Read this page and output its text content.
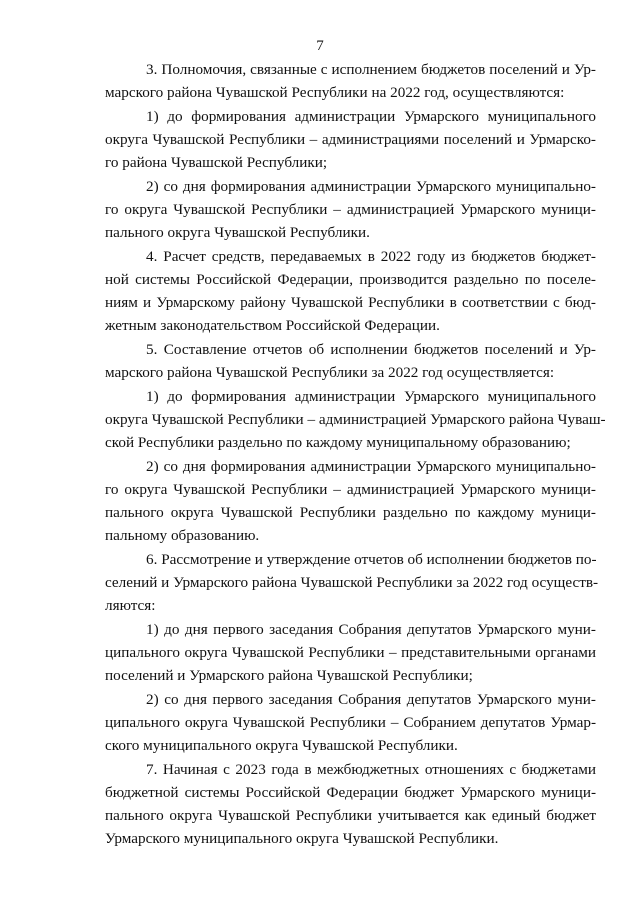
7

3. Полномочия, связанные с исполнением бюджетов поселений и Ур-
марского района Чувашской Республики на 2022 год, осуществляются:

1) до формирования администрации Урмарского муниципального
округа Чувашской Республики – администрациями поселений и Урмарско-
го района Чувашской Республики;

2) со дня формирования администрации Урмарского муниципально-
го округа Чувашской Республики – администрацией Урмарского муници-
пального округа Чувашской Республики.

4. Расчет средств, передаваемых в 2022 году из бюджетов бюджет-
ной системы Российской Федерации, производится раздельно по поселе-
ниям и Урмарскому району Чувашской Республики в соответствии с бюд-
жетным законодательством Российской Федерации.

5. Составление отчетов об исполнении бюджетов поселений и Ур-
марского района Чувашской Республики за 2022 год осуществляется:

1) до формирования администрации Урмарского муниципального
округа Чувашской Республики – администрацией Урмарского района Чуваш-
ской Республики раздельно по каждому муниципальному образованию;

2) со дня формирования администрации Урмарского муниципально-
го округа Чувашской Республики – администрацией Урмарского муници-
пального округа Чувашской Республики раздельно по каждому муници-
пальному образованию.

6. Рассмотрение и утверждение отчетов об исполнении бюджетов по-
селений и Урмарского района Чувашской Республики за 2022 год осуществ-
ляются:

1) до дня первого заседания Собрания депутатов Урмарского муни-
ципального округа Чувашской Республики – представительными органами
поселений и Урмарского района Чувашской Республики;

2) со дня первого заседания Собрания депутатов Урмарского муни-
ципального округа Чувашской Республики – Собранием депутатов Урмар-
ского муниципального округа Чувашской Республики.

7. Начиная с 2023 года в межбюджетных отношениях с бюджетами
бюджетной системы Российской Федерации бюджет Урмарского муници-
пального округа Чувашской Республики учитывается как единый бюджет
Урмарского муниципального округа Чувашской Республики.
